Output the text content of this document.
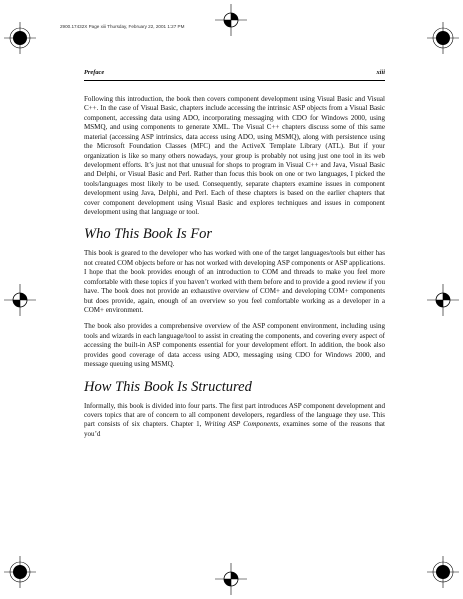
2900.17432X Page xiii Thursday, February 22, 2001 1:27 PM
Preface	xiii

Following this introduction, the book then covers component development using Visual Basic and Visual C++. In the case of Visual Basic, chapters include accessing the intrinsic ASP objects from a Visual Basic component, accessing data using ADO, incorporating messaging with CDO for Windows 2000, using MSMQ, and using components to generate XML. The Visual C++ chapters discuss some of this same material (accessing ASP intrinsics, data access using ADO, using MSMQ), along with persistence using the Microsoft Foundation Classes (MFC) and the ActiveX Template Library (ATL). But if your organization is like so many others nowadays, your group is probably not using just one tool in its web development efforts. It’s just not that unusual for shops to program in Visual C++ and Java, Visual Basic and Delphi, or Visual Basic and Perl. Rather than focus this book on one or two languages, I picked the tools/languages most likely to be used. Consequently, separate chapters examine issues in component development using Java, Delphi, and Perl. Each of these chapters is based on the earlier chapters that cover component development using Visual Basic and explores techniques and issues in component development using that language or tool.

Who This Book Is For

This book is geared to the developer who has worked with one of the target languages/tools but either has not created COM objects before or has not worked with developing ASP components or ASP applications. I hope that the book provides enough of an introduction to COM and threads to make you feel more comfortable with these topics if you haven’t worked with them before and to provide a good review if you have. The book does not provide an exhaustive overview of COM+ and developing COM+ components but does provide, again, enough of an overview so you feel comfortable working as a developer in a COM+ environment.

The book also provides a comprehensive overview of the ASP component environment, including using tools and wizards in each language/tool to assist in creating the components, and covering every aspect of accessing the built-in ASP components essential for your development effort. In addition, the book also provides good coverage of data access using ADO, messaging using CDO for Windows 2000, and message queuing using MSMQ.

How This Book Is Structured

Informally, this book is divided into four parts. The first part introduces ASP component development and covers topics that are of concern to all component developers, regardless of the language they use. This part consists of six chapters. Chapter 1, Writing ASP Components, examines some of the reasons that you’d
